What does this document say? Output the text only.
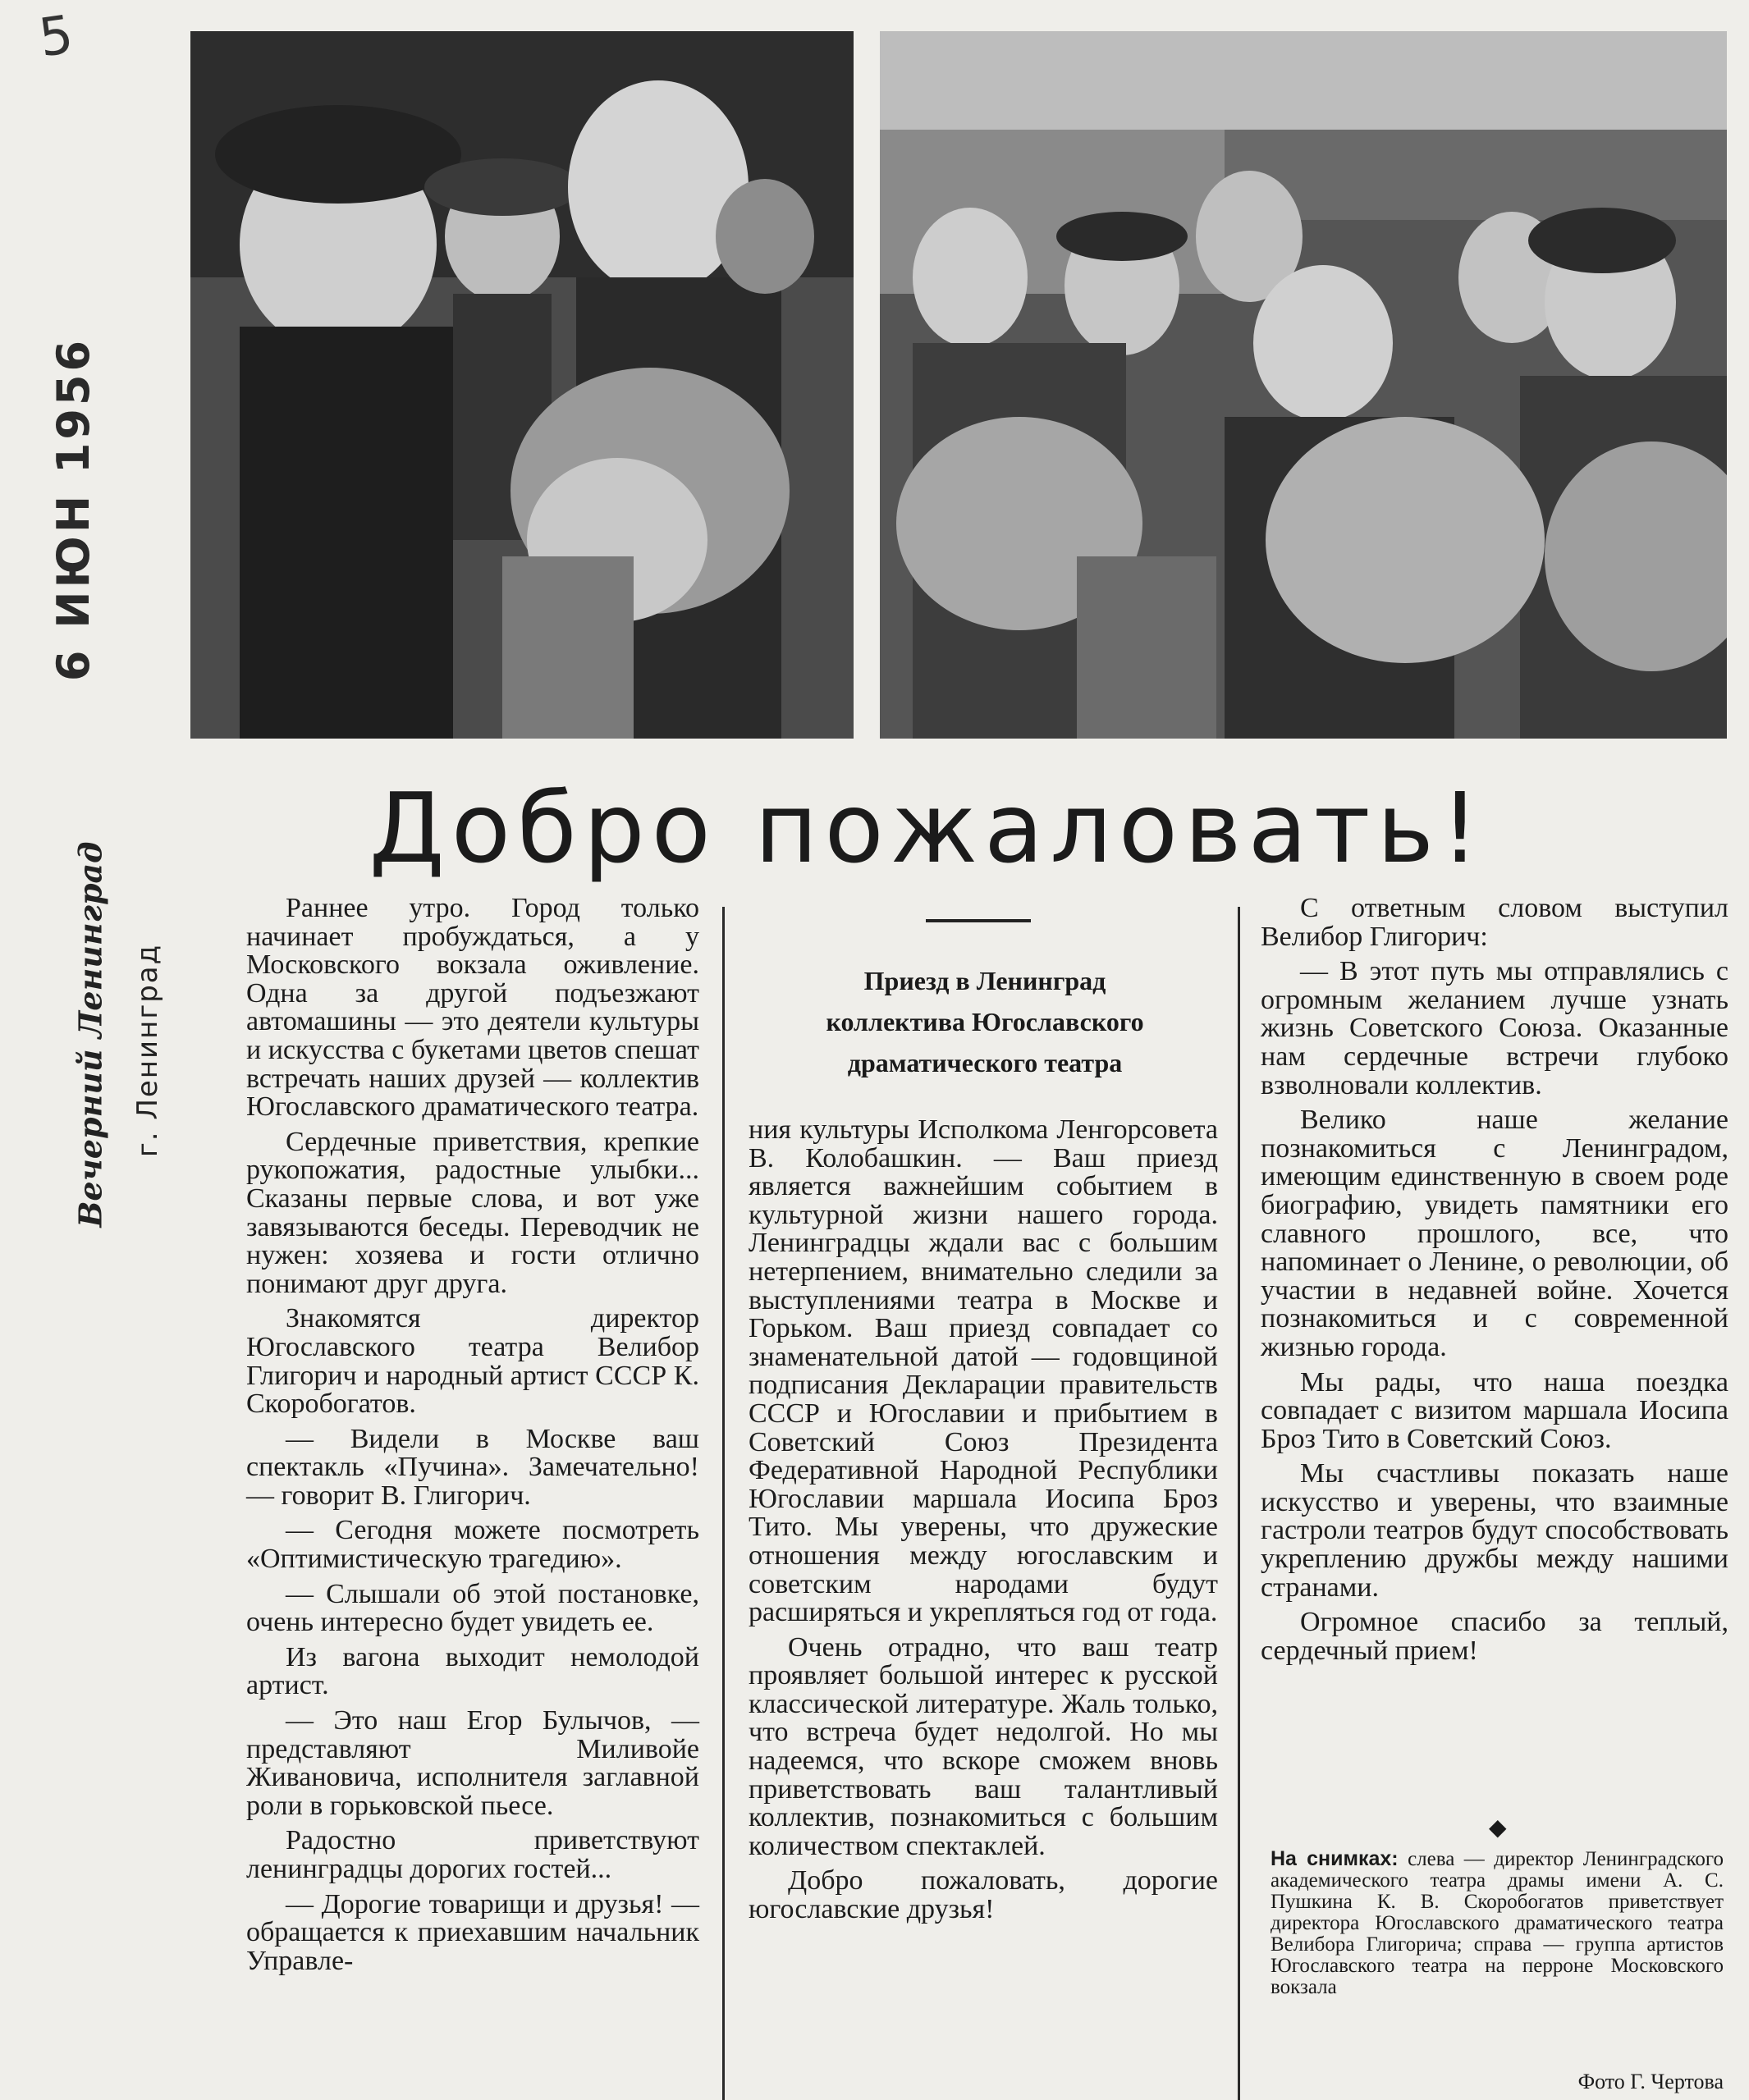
5
6 ИЮН 1956
Вечерний Ленинград г. Ленинград
Добро пожаловать!
Приезд в Ленинград
коллектива Югославского
драматического театра

Раннее утро. Город только начинает пробуждаться, а у Московского вокзала оживление. Одна за другой подъезжают автомашины — это деятели культуры и искусства с букетами цветов спешат встречать наших друзей — коллектив Югославского драматического театра.

Сердечные приветствия, крепкие рукопожатия, радостные улыбки... Сказаны первые слова, и вот уже завязываются беседы. Переводчик не нужен: хозяева и гости отлично понимают друг друга.

Знакомятся директор Югославского театра Велибор Глигорич и народный артист СССР К. Скоробогатов.

— Видели в Москве ваш спектакль «Пучина». Замечательно! — говорит В. Глигорич.

— Сегодня можете посмотреть «Оптимистическую трагедию».

— Слышали об этой постановке, очень интересно будет увидеть ее.

Из вагона выходит немолодой артист.

— Это наш Егор Булычов, — представляют Миливойе Живановича, исполнителя заглавной роли в горьковской пьесе.

Радостно приветствуют ленинградцы дорогих гостей...

— Дорогие товарищи и друзья! — обращается к приехавшим начальник Управле-

ния культуры Исполкома Ленгорсовета В. Колобашкин. — Ваш приезд является важнейшим событием в культурной жизни нашего города. Ленинградцы ждали вас с большим нетерпением, внимательно следили за выступлениями театра в Москве и Горьком. Ваш приезд совпадает со знаменательной датой — годовщиной подписания Декларации правительств СССР и Югославии и прибытием в Советский Союз Президента Федеративной Народной Республики Югославии маршала Иосипа Броз Тито. Мы уверены, что дружеские отношения между югославским и советским народами будут расширяться и укрепляться год от года.

Очень отрадно, что ваш театр проявляет большой интерес к русской классической литературе. Жаль только, что встреча будет недолгой. Но мы надеемся, что вскоре сможем вновь приветствовать ваш талантливый коллектив, познакомиться с большим количеством спектаклей.

Добро пожаловать, дорогие югославские друзья!

С ответным словом выступил Велибор Глигорич:

— В этот путь мы отправлялись с огромным желанием лучше узнать жизнь Советского Союза. Оказанные нам сердечные встречи глубоко взволновали коллектив.

Велико наше желание познакомиться с Ленинградом, имеющим единственную в своем роде биографию, увидеть памятники его славного прошлого, все, что напоминает о Ленине, о революции, об участии в недавней войне. Хочется познакомиться и с современной жизнью города.

Мы рады, что наша поездка совпадает с визитом маршала Иосипа Броз Тито в Советский Союз.

Мы счастливы показать наше искусство и уверены, что взаимные гастроли театров будут способствовать укреплению дружбы между нашими странами.

Огромное спасибо за теплый, сердечный прием!

◆
На снимках: слева — директор Ленинградского академического театра драмы имени А. С. Пушкина К. В. Скоробогатов приветствует директора Югославского драматического театра Велибора Глигорича; справа — группа артистов Югославского театра на перроне Московского вокзала
Фото Г. Чертова
